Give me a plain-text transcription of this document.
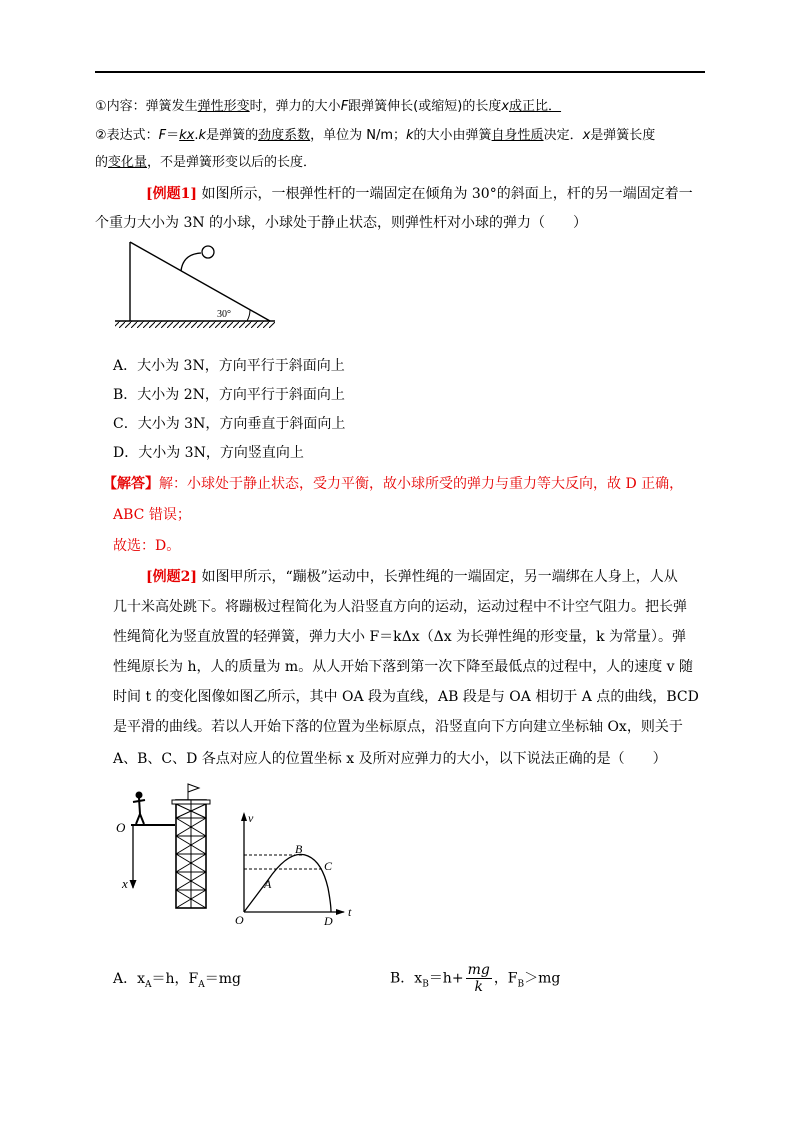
①内容：弹簧发生弹性形变时，弹力的大小F跟弹簧伸长(或缩短)的长度x成正比．
②表达式：F＝kx.k是弹簧的劲度系数，单位为 N/m；k的大小由弹簧自身性质决定．x是弹簧长度
的变化量，不是弹簧形变以后的长度．
[例题1] 如图所示，一根弹性杆的一端固定在倾角为 30°的斜面上，杆的另一端固定着一
个重力大小为 3N 的小球，小球处于静止状态，则弹性杆对小球的弹力（　　）
30°
A．大小为 3N，方向平行于斜面向上
B．大小为 2N，方向平行于斜面向上
C．大小为 3N，方向垂直于斜面向上
D．大小为 3N，方向竖直向上
【解答】解：小球处于静止状态，受力平衡，故小球所受的弹力与重力等大反向，故 D 正确，
ABC 错误；
故选：D。
[例题2] 如图甲所示，“蹦极”运动中，长弹性绳的一端固定，另一端绑在人身上，人从
几十米高处跳下。将蹦极过程简化为人沿竖直方向的运动，运动过程中不计空气阻力。把长弹
性绳简化为竖直放置的轻弹簧，弹力大小 F＝kΔx（Δx 为长弹性绳的形变量，k 为常量）。弹
性绳原长为 h，人的质量为 m。从人开始下落到第一次下降至最低点的过程中，人的速度 v 随
时间 t 的变化图像如图乙所示，其中 OA 段为直线，AB 段是与 OA 相切于 A 点的曲线，BCD
是平滑的曲线。若以人开始下落的位置为坐标原点，沿竖直向下方向建立坐标轴 Ox，则关于
A、B、C、D 各点对应人的位置坐标 x 及所对应弹力的大小，以下说法正确的是（　　）
O
x
v
t
O
A
B
C
D
A．$x_A=h$，$F_A=mg$	B．$x_B=h+ \frac{mg}{k}$ ，$F_B>mg$
